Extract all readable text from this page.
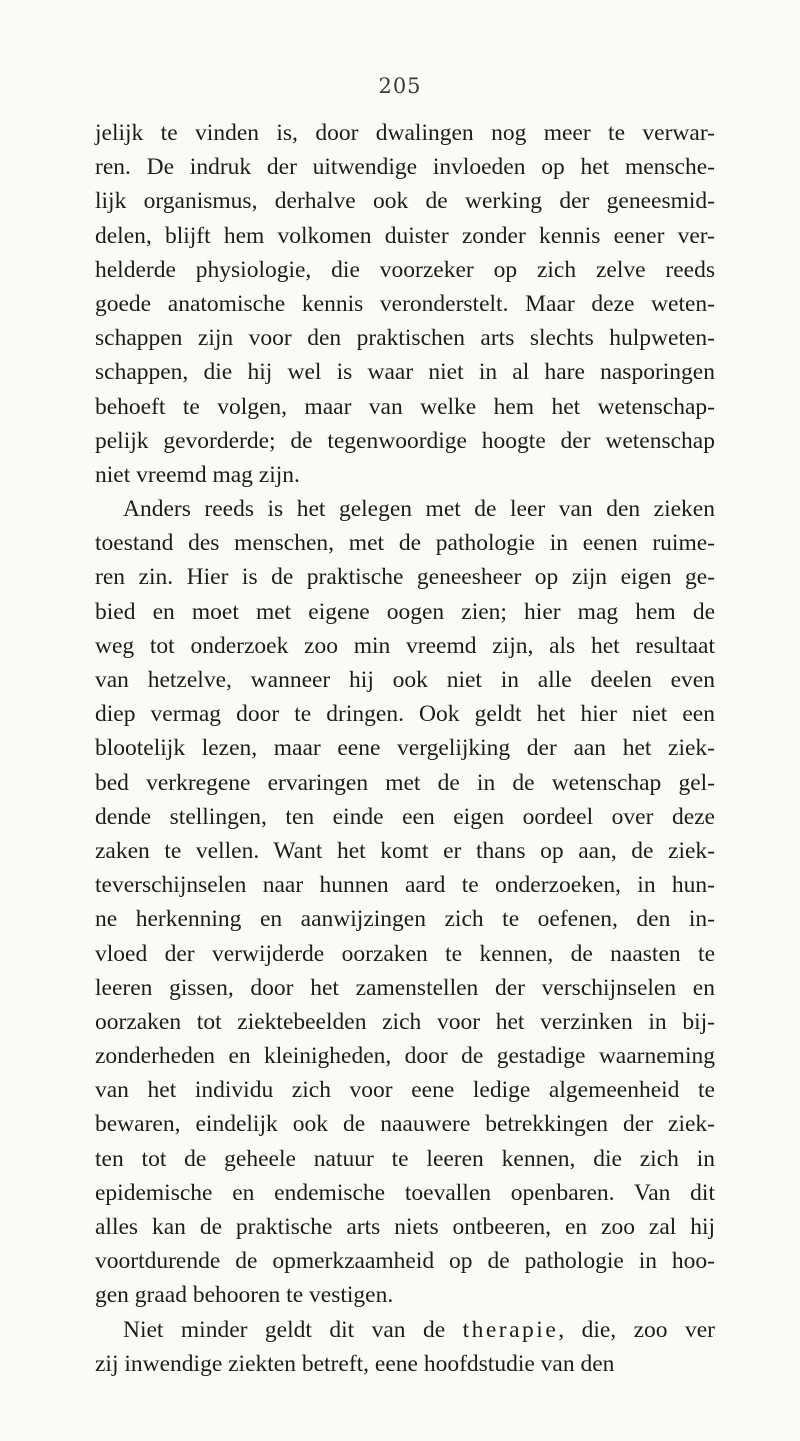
205
jelijk te vinden is, door dwalingen nog meer te verwar-
ren. De indruk der uitwendige invloeden op het mensche-
lijk organismus, derhalve ook de werking der geneesmid-
delen, blijft hem volkomen duister zonder kennis eener ver-
helderde physiologie, die voorzeker op zich zelve reeds
goede anatomische kennis veronderstelt. Maar deze weten-
schappen zijn voor den praktischen arts slechts hulpweten-
schappen, die hij wel is waar niet in al hare nasporingen
behoeft te volgen, maar van welke hem het wetenschap-
pelijk gevorderde; de tegenwoordige hoogte der wetenschap
niet vreemd mag zijn.
Anders reeds is het gelegen met de leer van den zieken
toestand des menschen, met de pathologie in eenen ruime-
ren zin. Hier is de praktische geneesheer op zijn eigen ge-
bied en moet met eigene oogen zien; hier mag hem de
weg tot onderzoek zoo min vreemd zijn, als het resultaat
van hetzelve, wanneer hij ook niet in alle deelen even
diep vermag door te dringen. Ook geldt het hier niet een
blootelijk lezen, maar eene vergelijking der aan het ziek-
bed verkregene ervaringen met de in de wetenschap gel-
dende stellingen, ten einde een eigen oordeel over deze
zaken te vellen. Want het komt er thans op aan, de ziek-
teverschijnselen naar hunnen aard te onderzoeken, in hun-
ne herkenning en aanwijzingen zich te oefenen, den in-
vloed der verwijderde oorzaken te kennen, de naasten te
leeren gissen, door het zamenstellen der verschijnselen en
oorzaken tot ziektebeelden zich voor het verzinken in bij-
zonderheden en kleinigheden, door de gestadige waarneming
van het individu zich voor eene ledige algemeenheid te
bewaren, eindelijk ook de naauwere betrekkingen der ziek-
ten tot de geheele natuur te leeren kennen, die zich in
epidemische en endemische toevallen openbaren. Van dit
alles kan de praktische arts niets ontbeeren, en zoo zal hij
voortdurende de opmerkzaamheid op de pathologie in hoo-
gen graad behooren te vestigen.
Niet minder geldt dit van de therapie, die, zoo ver
zij inwendige ziekten betreft, eene hoofdstudie van den
